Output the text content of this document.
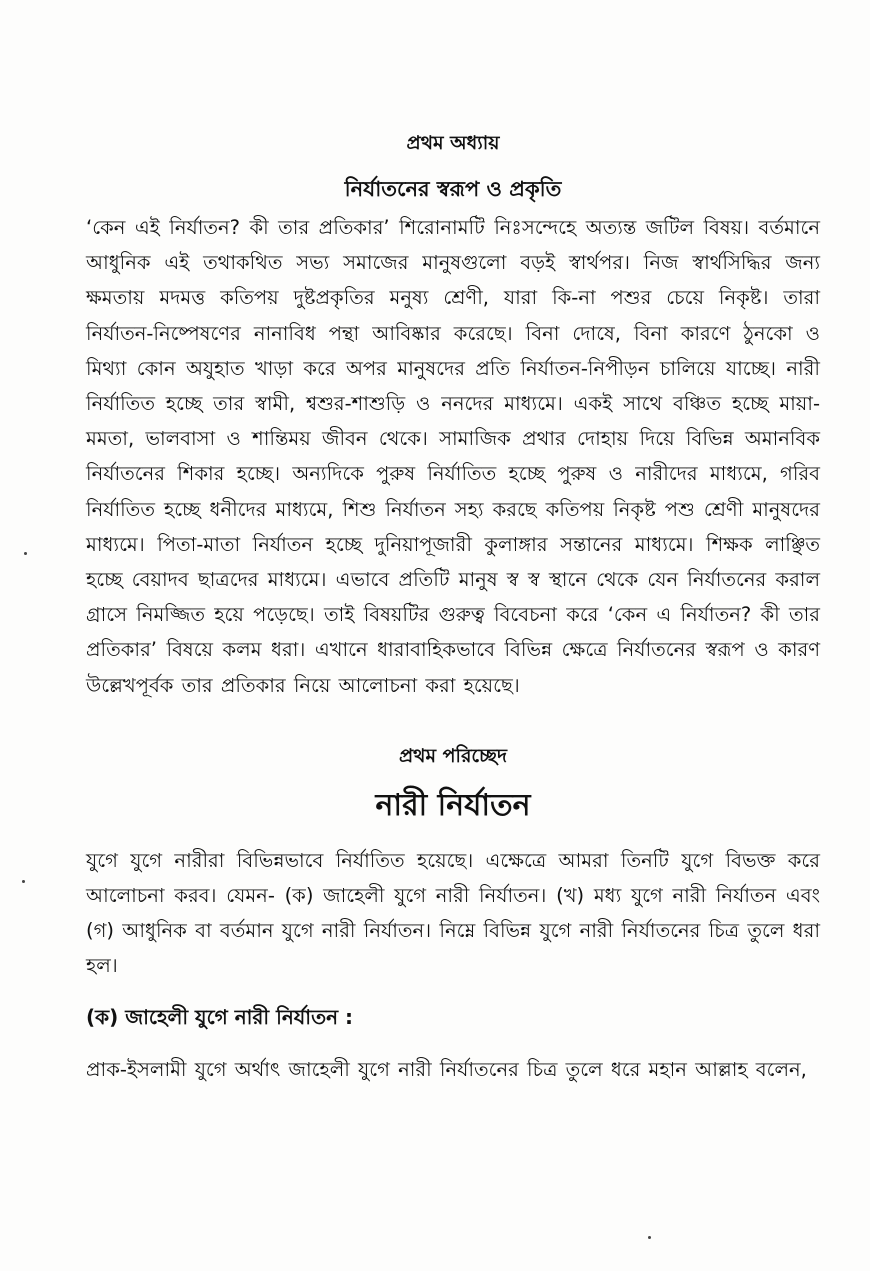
প্রথম অধ্যায়
নির্যাতনের স্বরূপ ও প্রকৃতি

‘কেন এই নির্যাতন? কী তার প্রতিকার’ শিরোনামটি নিঃসন্দেহে অত্যন্ত জটিল বিষয়। বর্তমানে আধুনিক এই তথাকথিত সভ্য সমাজের মানুষগুলো বড়ই স্বার্থপর। নিজ স্বার্থসিদ্ধির জন্য ক্ষমতায় মদমত্ত কতিপয় দুষ্টপ্রকৃতির মনুষ্য শ্রেণী, যারা কি-না পশুর চেয়ে নিকৃষ্ট। তারা নির্যাতন-নিষ্পেষণের নানাবিধ পন্থা আবিষ্কার করেছে। বিনা দোষে, বিনা কারণে ঠুনকো ও মিথ্যা কোন অযুহাত খাড়া করে অপর মানুষদের প্রতি নির্যাতন-নিপীড়ন চালিয়ে যাচ্ছে। নারী নির্যাতিত হচ্ছে তার স্বামী, শ্বশুর-শাশুড়ি ও ননদের মাধ্যমে। একই সাথে বঞ্চিত হচ্ছে মায়া-মমতা, ভালবাসা ও শান্তিময় জীবন থেকে। সামাজিক প্রথার দোহায় দিয়ে বিভিন্ন অমানবিক নির্যাতনের শিকার হচ্ছে। অন্যদিকে পুরুষ নির্যাতিত হচ্ছে পুরুষ ও নারীদের মাধ্যমে, গরিব নির্যাতিত হচ্ছে ধনীদের মাধ্যমে, শিশু নির্যাতন সহ্য করছে কতিপয় নিকৃষ্ট পশু শ্রেণী মানুষদের মাধ্যমে। পিতা-মাতা নির্যাতন হচ্ছে দুনিয়াপূজারী কুলাঙ্গার সন্তানের মাধ্যমে। শিক্ষক লাঞ্ছিত হচ্ছে বেয়াদব ছাত্রদের মাধ্যমে। এভাবে প্রতিটি মানুষ স্ব স্ব স্থানে থেকে যেন নির্যাতনের করাল গ্রাসে নিমজ্জিত হয়ে পড়েছে। তাই বিষয়টির গুরুত্ব বিবেচনা করে ‘কেন এ নির্যাতন? কী তার প্রতিকার’ বিষয়ে কলম ধরা। এখানে ধারাবাহিকভাবে বিভিন্ন ক্ষেত্রে নির্যাতনের স্বরূপ ও কারণ উল্লেখপূর্বক তার প্রতিকার নিয়ে আলোচনা করা হয়েছে।

প্রথম পরিচ্ছেদ
নারী নির্যাতন

যুগে যুগে নারীরা বিভিন্নভাবে নির্যাতিত হয়েছে। এক্ষেত্রে আমরা তিনটি যুগে বিভক্ত করে আলোচনা করব। যেমন- (ক) জাহেলী যুগে নারী নির্যাতন। (খ) মধ্য যুগে নারী নির্যাতন এবং (গ) আধুনিক বা বর্তমান যুগে নারী নির্যাতন। নিম্নে বিভিন্ন যুগে নারী নির্যাতনের চিত্র তুলে ধরা হল।

(ক) জাহেলী যুগে নারী নির্যাতন :

প্রাক-ইসলামী যুগে অর্থাৎ জাহেলী যুগে নারী নির্যাতনের চিত্র তুলে ধরে মহান আল্লাহ বলেন,
